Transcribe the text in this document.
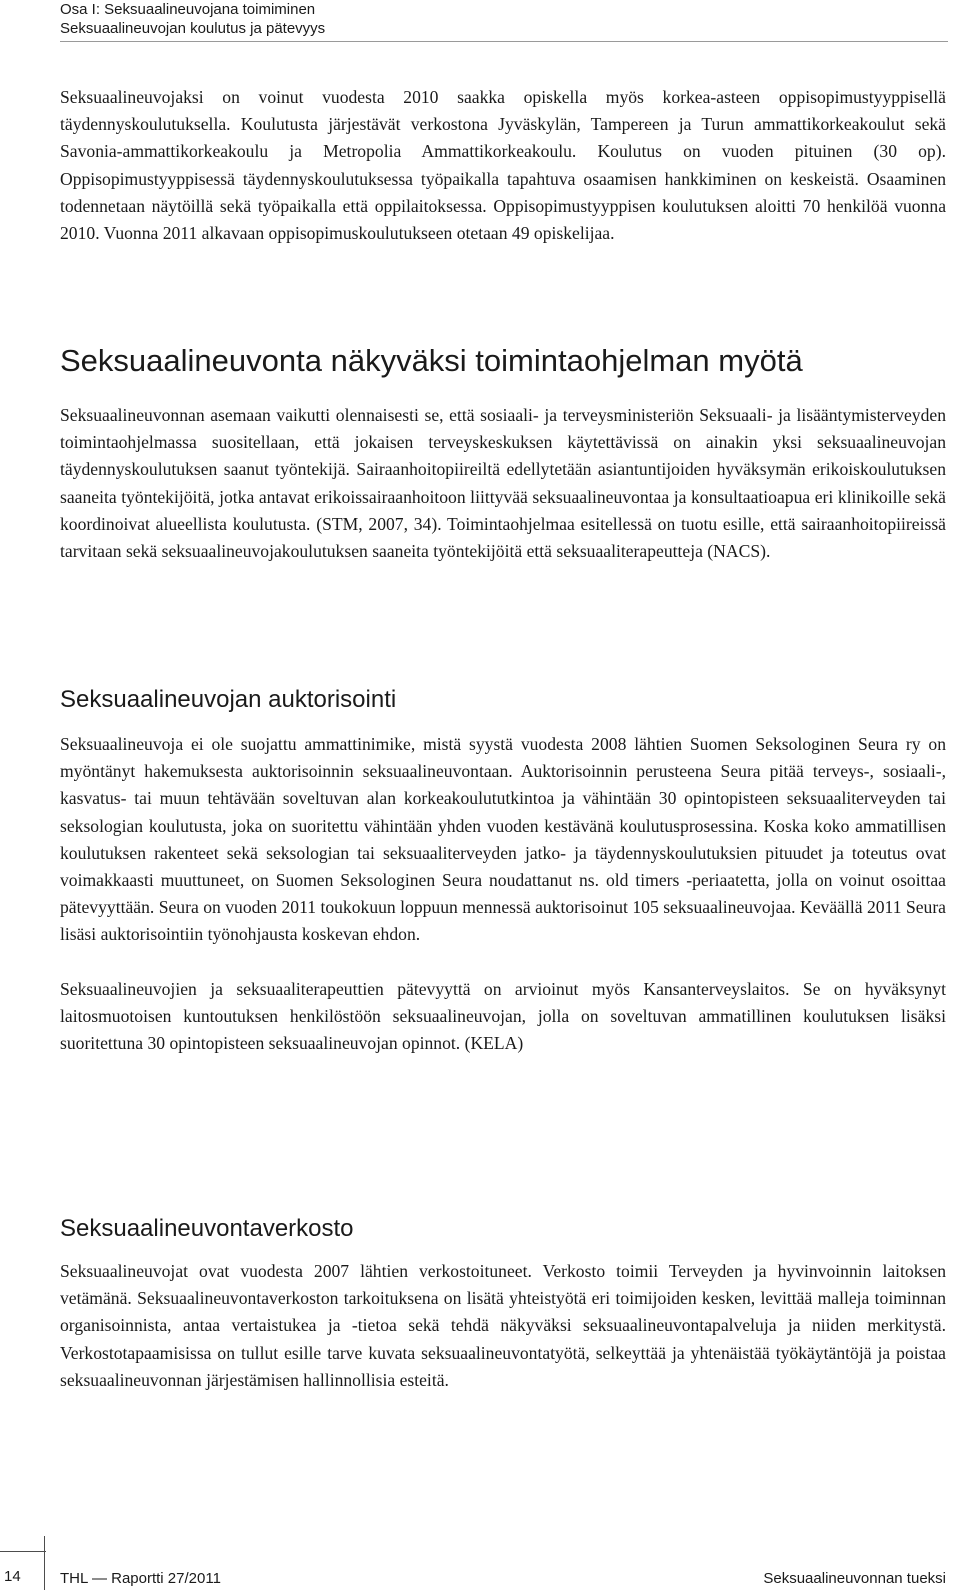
Osa I: Seksuaalineuvojana toimiminen
Seksuaalineuvojan koulutus ja pätevyys

Seksuaalineuvojaksi on voinut vuodesta 2010 saakka opiskella myös korkea-asteen oppisopimustyyppisellä täydennyskoulutuksella. Koulutusta järjestävät verkostona Jyväskylän, Tampereen ja Turun ammattikorkeakoulut sekä Savonia-ammattikorkeakoulu ja Metropolia Ammattikorkeakoulu. Koulutus on vuoden pituinen (30 op). Oppisopimustyyppisessä täydennyskoulutuksessa työpaikalla tapahtuva osaamisen hankkiminen on keskeistä. Osaaminen todennetaan näytöillä sekä työpaikalla että oppilaitoksessa. Oppisopimustyyppisen koulutuksen aloitti 70 henkilöä vuonna 2010. Vuonna 2011 alkavaan oppisopimuskoulutukseen otetaan 49 opiskelijaa.

Seksuaalineuvonta näkyväksi toimintaohjelman myötä

Seksuaalineuvonnan asemaan vaikutti olennaisesti se, että sosiaali- ja terveysministeriön Seksuaali- ja lisääntymisterveyden toimintaohjelmassa suositellaan, että jokaisen terveyskeskuksen käytettävissä on ainakin yksi seksuaalineuvojan täydennyskoulutuksen saanut työntekijä. Sairaanhoitopiireiltä edellytetään asiantuntijoiden hyväksymän erikoiskoulutuksen saaneita työntekijöitä, jotka antavat erikoissairaanhoitoon liittyvää seksuaalineuvontaa ja konsultaatioapua eri klinikoille sekä koordinoivat alueellista koulutusta. (STM, 2007, 34). Toimintaohjelmaa esitellessä on tuotu esille, että sairaanhoitopiireissä tarvitaan sekä seksuaalineuvojakoulutuksen saaneita työntekijöitä että seksuaaliterapeutteja (NACS).

Seksuaalineuvojan auktorisointi

Seksuaalineuvoja ei ole suojattu ammattinimike, mistä syystä vuodesta 2008 lähtien Suomen Seksologinen Seura ry on myöntänyt hakemuksesta auktorisoinnin seksuaalineuvontaan. Auktorisoinnin perusteena Seura pitää terveys-, sosiaali-, kasvatus- tai muun tehtävään soveltuvan alan korkeakoulututkintoa ja vähintään 30 opintopisteen seksuaaliterveyden tai seksologian koulutusta, joka on suoritettu vähintään yhden vuoden kestävänä koulutusprosessina. Koska koko ammatillisen koulutuksen rakenteet sekä seksologian tai seksuaaliterveyden jatko- ja täydennyskoulutuksien pituudet ja toteutus ovat voimakkaasti muuttuneet, on Suomen Seksologinen Seura noudattanut ns. old timers -periaatetta, jolla on voinut osoittaa pätevyyttään. Seura on vuoden 2011 toukokuun loppuun mennessä auktorisoinut 105 seksuaalineuvojaa. Keväällä 2011 Seura lisäsi auktorisointiin työnohjausta koskevan ehdon.

Seksuaalineuvojien ja seksuaaliterapeuttien pätevyyttä on arvioinut myös Kansanterveyslaitos. Se on hyväksynyt laitosmuotoisen kuntoutuksen henkilöstöön seksuaalineuvojan, jolla on soveltuvan ammatillinen koulutuksen lisäksi suoritettuna 30 opintopisteen seksuaalineuvojan opinnot. (KELA)

Seksuaalineuvontaverkosto

Seksuaalineuvojat ovat vuodesta 2007 lähtien verkostoituneet. Verkosto toimii Terveyden ja hyvinvoinnin laitoksen vetämänä. Seksuaalineuvontaverkoston tarkoituksena on lisätä yhteistyötä eri toimijoiden kesken, levittää malleja toiminnan organisoinnista, antaa vertaistukea ja -tietoa sekä tehdä näkyväksi seksuaalineuvontapalveluja ja niiden merkitystä. Verkostotapaamisissa on tullut esille tarve kuvata seksuaalineuvontatyötä, selkeyttää ja yhtenäistää työkäytäntöjä ja poistaa seksuaalineuvonnan järjestämisen hallinnollisia esteitä.

14	THL — Raportti 27/2011	Seksuaalineuvonnan tueksi
